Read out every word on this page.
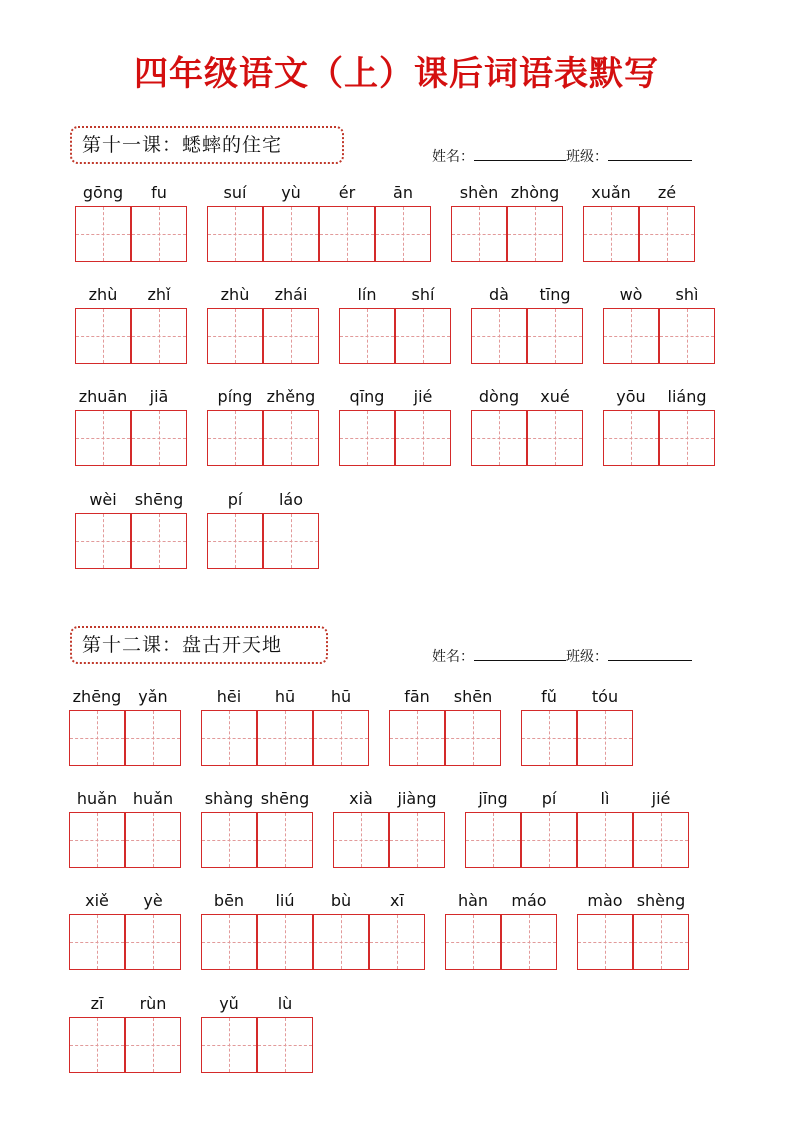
四年级语文（上）课后词语表默写
第十一课：蟋蟀的住宅
姓名：	班级：
gōng	fu	suí	yù	ér	ān	shèn zhòng	xuǎn	zé
zhù	zhǐ	zhù	zhái	lín	shí	dà	tīng	wò	shì
zhuān	jiā	píng zhěng	qīng	jié	dòng	xué	yōu	liáng
wèi	shēng	pí	láo
第十二课：盘古开天地
姓名：	班级：
zhēng	yǎn	hēi	hū	hū	fān	shēn	fǔ	tóu
huǎn huǎn	shàng shēng	xià	jiàng	jīng	pí	lì	jié
xiě	yè	bēn	liú	bù	xī	hàn	máo	mào shèng
zī	rùn	yǔ	lù
